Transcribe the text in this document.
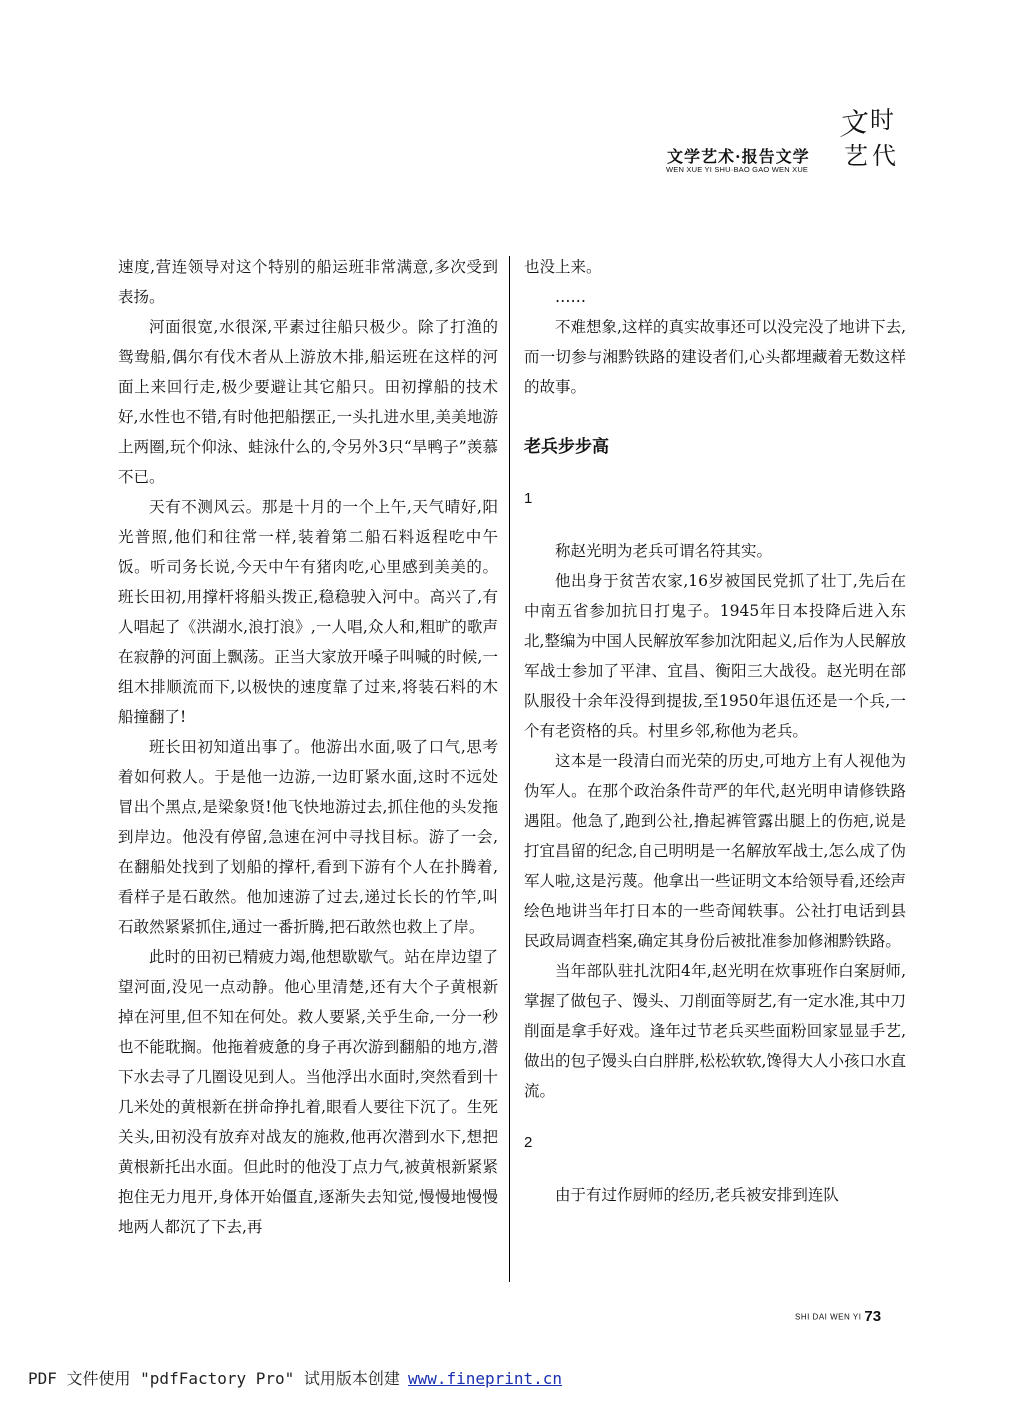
文学艺术·报告文学
WEN XUE YI SHU·BAO GAO WEN XUE
文 时
艺 代

速度,营连领导对这个特别的船运班非常满意,多次受到表扬。

河面很宽,水很深,平素过往船只极少。除了打渔的鸳鸯船,偶尔有伐木者从上游放木排,船运班在这样的河面上来回行走,极少要避让其它船只。田初撑船的技术好,水性也不错,有时他把船摆正,一头扎进水里,美美地游上两圈,玩个仰泳、蛙泳什么的,令另外3只“旱鸭子”羡慕不已。

天有不测风云。那是十月的一个上午,天气晴好,阳光普照,他们和往常一样,装着第二船石料返程吃中午饭。听司务长说,今天中午有猪肉吃,心里感到美美的。班长田初,用撑杆将船头拨正,稳稳驶入河中。高兴了,有人唱起了《洪湖水,浪打浪》,一人唱,众人和,粗旷的歌声在寂静的河面上飘荡。正当大家放开嗓子叫喊的时候,一组木排顺流而下,以极快的速度靠了过来,将装石料的木船撞翻了!

班长田初知道出事了。他游出水面,吸了口气,思考着如何救人。于是他一边游,一边盯紧水面,这时不远处冒出个黑点,是梁象贤!他飞快地游过去,抓住他的头发拖到岸边。他没有停留,急速在河中寻找目标。游了一会,在翻船处找到了划船的撑杆,看到下游有个人在扑腾着,看样子是石敢然。他加速游了过去,递过长长的竹竿,叫石敢然紧紧抓住,通过一番折腾,把石敢然也救上了岸。

此时的田初已精疲力竭,他想歇歇气。站在岸边望了望河面,没见一点动静。他心里清楚,还有大个子黄根新掉在河里,但不知在何处。救人要紧,关乎生命,一分一秒也不能耽搁。他拖着疲惫的身子再次游到翻船的地方,潜下水去寻了几圈设见到人。当他浮出水面时,突然看到十几米处的黄根新在拼命挣扎着,眼看人要往下沉了。生死关头,田初没有放弃对战友的施救,他再次潜到水下,想把黄根新托出水面。但此时的他没丁点力气,被黄根新紧紧抱住无力甩开,身体开始僵直,逐渐失去知觉,慢慢地慢慢地两人都沉了下去,再

也没上来。

……

不难想象,这样的真实故事还可以没完没了地讲下去,而一切参与湘黔铁路的建设者们,心头都埋藏着无数这样的故事。

老兵步步高

1

称赵光明为老兵可谓名符其实。

他出身于贫苦农家,16岁被国民党抓了壮丁,先后在中南五省参加抗日打鬼子。1945年日本投降后进入东北,整编为中国人民解放军参加沈阳起义,后作为人民解放军战士参加了平津、宜昌、衡阳三大战役。赵光明在部队服役十余年没得到提拔,至1950年退伍还是一个兵,一个有老资格的兵。村里乡邻,称他为老兵。

这本是一段清白而光荣的历史,可地方上有人视他为伪军人。在那个政治条件苛严的年代,赵光明申请修铁路遇阻。他急了,跑到公社,撸起裤管露出腿上的伤疤,说是打宜昌留的纪念,自己明明是一名解放军战士,怎么成了伪军人啦,这是污蔑。他拿出一些证明文本给领导看,还绘声绘色地讲当年打日本的一些奇闻轶事。公社打电话到县民政局调查档案,确定其身份后被批准参加修湘黔铁路。

当年部队驻扎沈阳4年,赵光明在炊事班作白案厨师,掌握了做包子、馒头、刀削面等厨艺,有一定水准,其中刀削面是拿手好戏。逢年过节老兵买些面粉回家显显手艺,做出的包子馒头白白胖胖,松松软软,馋得大人小孩口水直流。

2

由于有过作厨师的经历,老兵被安排到连队

SHI DAI WEN YI 73
PDF 文件使用 "pdfFactory Pro" 试用版本创建 www.fineprint.cn
